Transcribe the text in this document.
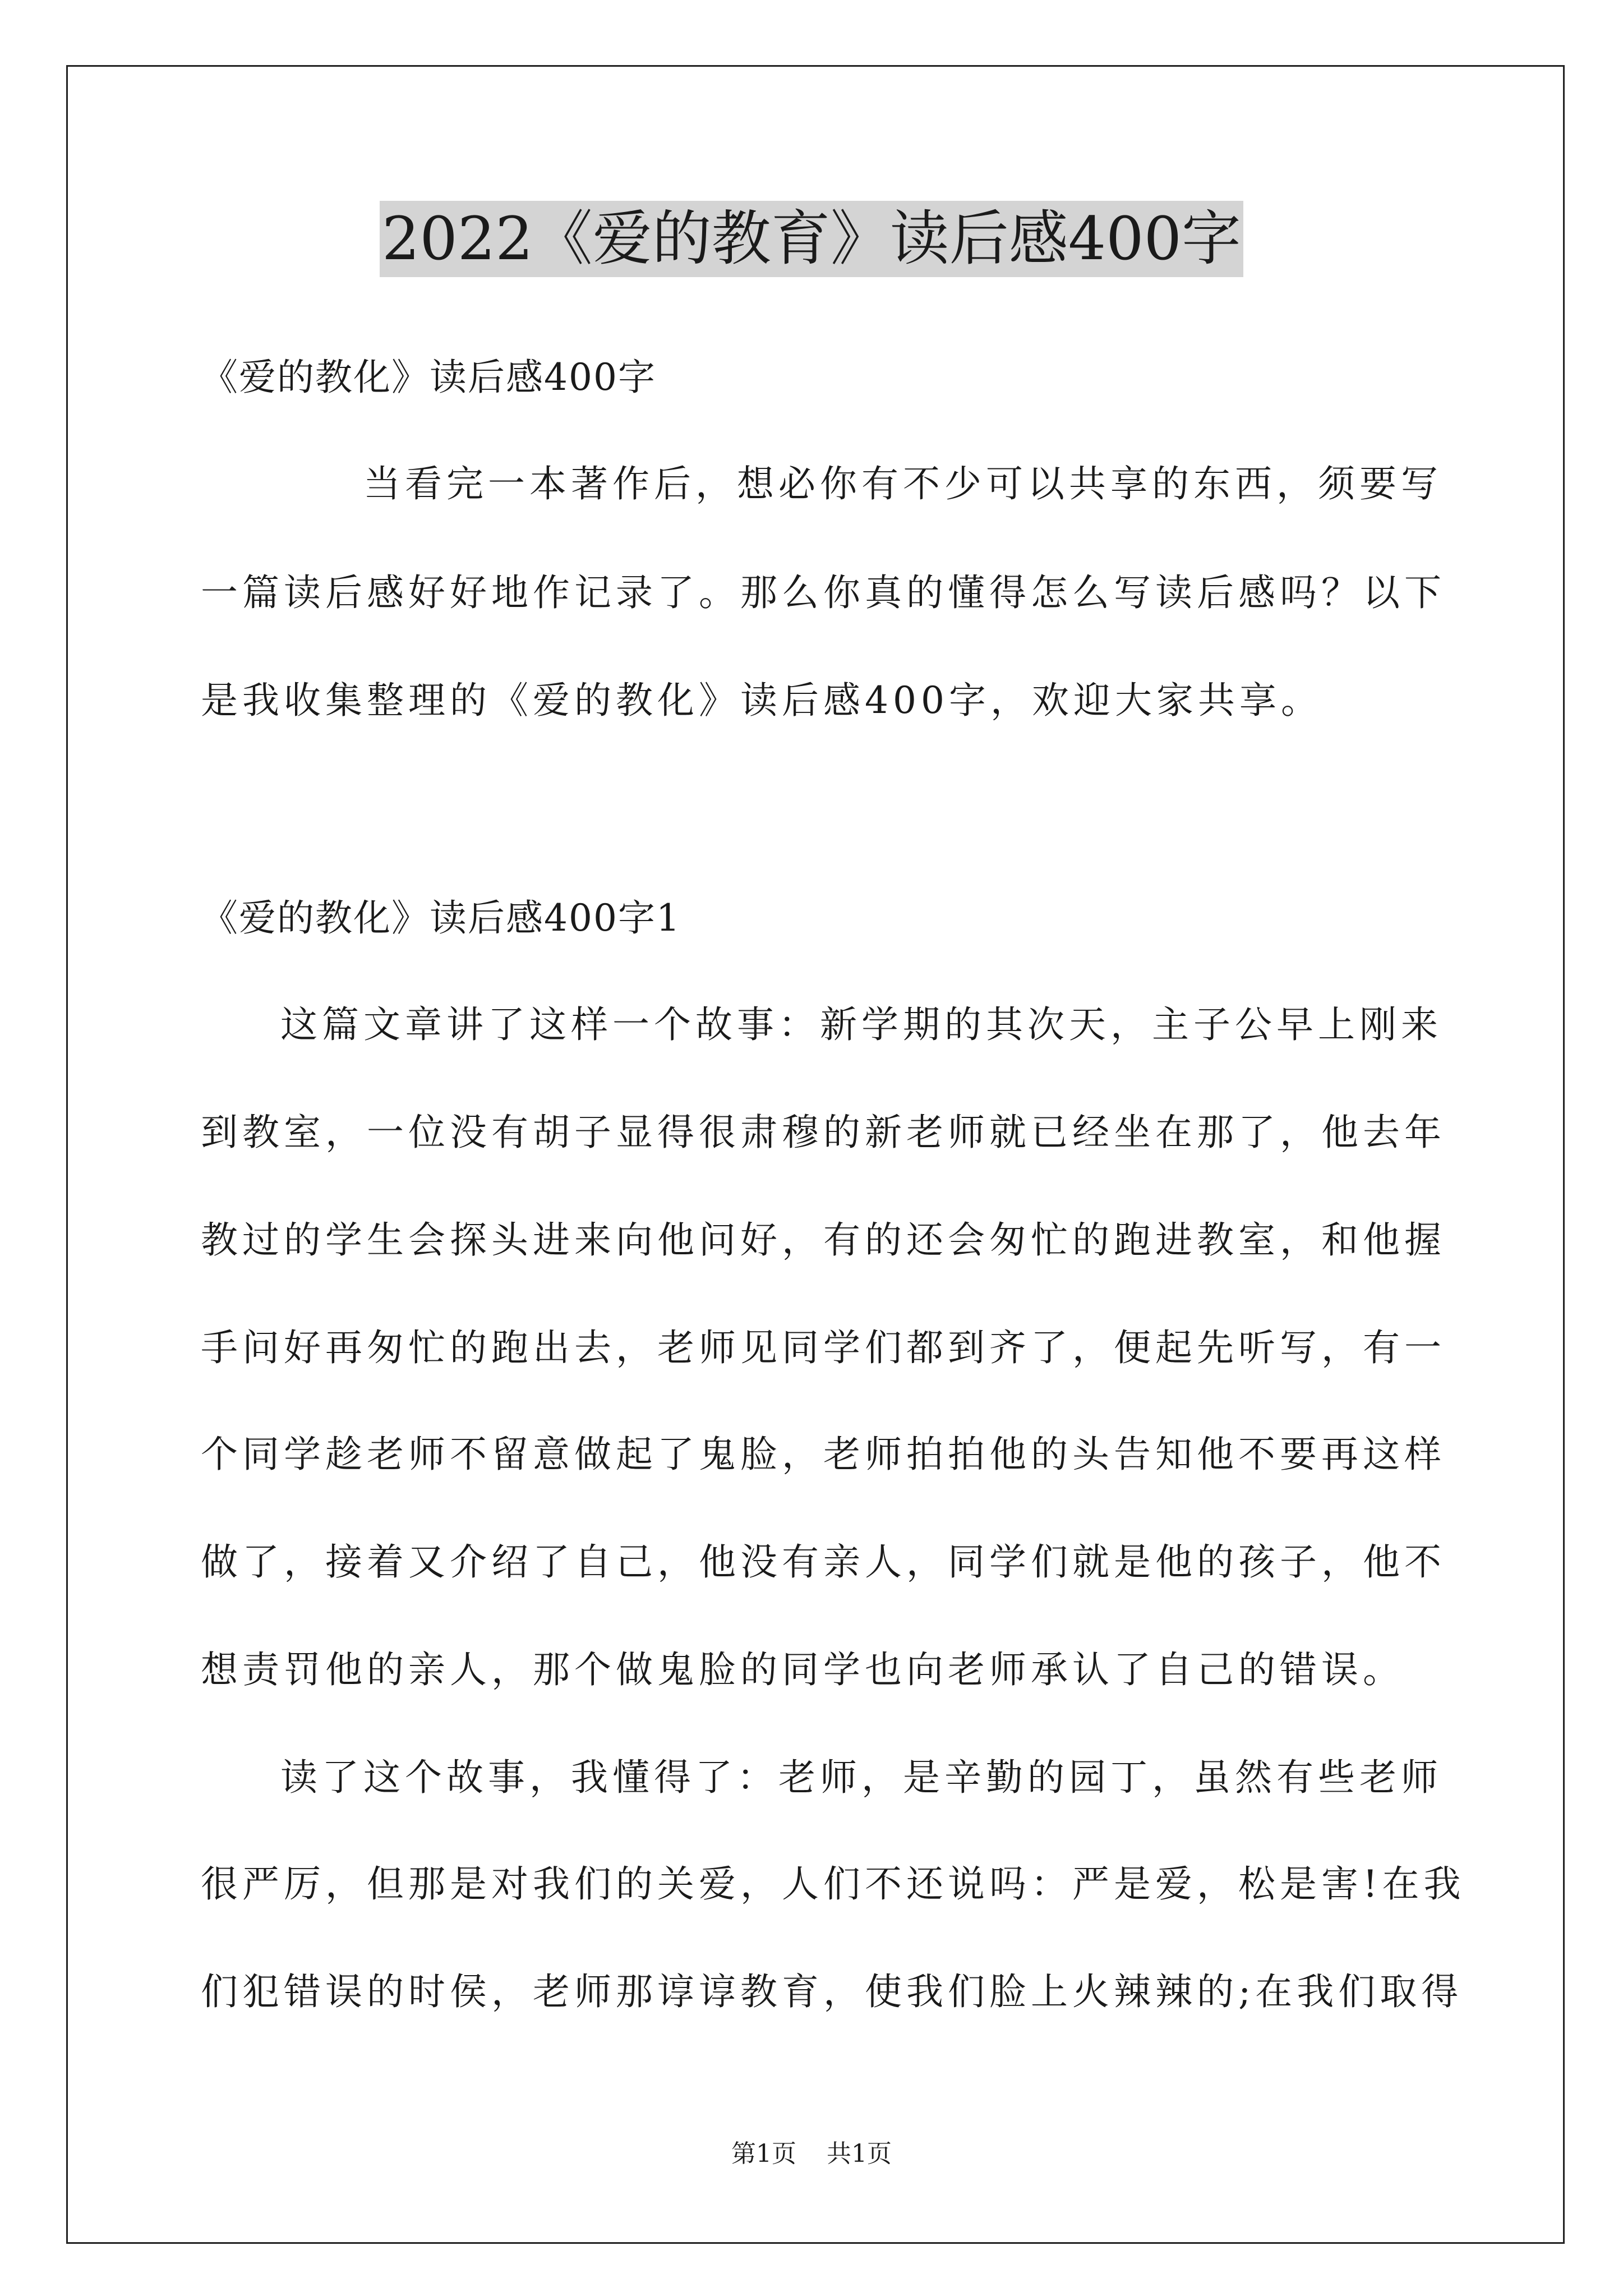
2022《爱的教育》读后感400字
《爱的教化》读后感400字
当看完一本著作后，想必你有不少可以共享的东西，须要写
一篇读后感好好地作记录了。那么你真的懂得怎么写读后感吗？以下
是我收集整理的《爱的教化》读后感400字，欢迎大家共享。
《爱的教化》读后感400字1
这篇文章讲了这样一个故事：新学期的其次天，主子公早上刚来
到教室，一位没有胡子显得很肃穆的新老师就已经坐在那了，他去年
教过的学生会探头进来向他问好，有的还会匆忙的跑进教室，和他握
手问好再匆忙的跑出去，老师见同学们都到齐了，便起先听写，有一
个同学趁老师不留意做起了鬼脸，老师拍拍他的头告知他不要再这样
做了，接着又介绍了自己，他没有亲人，同学们就是他的孩子，他不
想责罚他的亲人，那个做鬼脸的同学也向老师承认了自己的错误。
读了这个故事，我懂得了：老师，是辛勤的园丁，虽然有些老师
很严厉，但那是对我们的关爱，人们不还说吗：严是爱，松是害!在我
们犯错误的时侯，老师那谆谆教育，使我们脸上火辣辣的;在我们取得
第1页 共1页
